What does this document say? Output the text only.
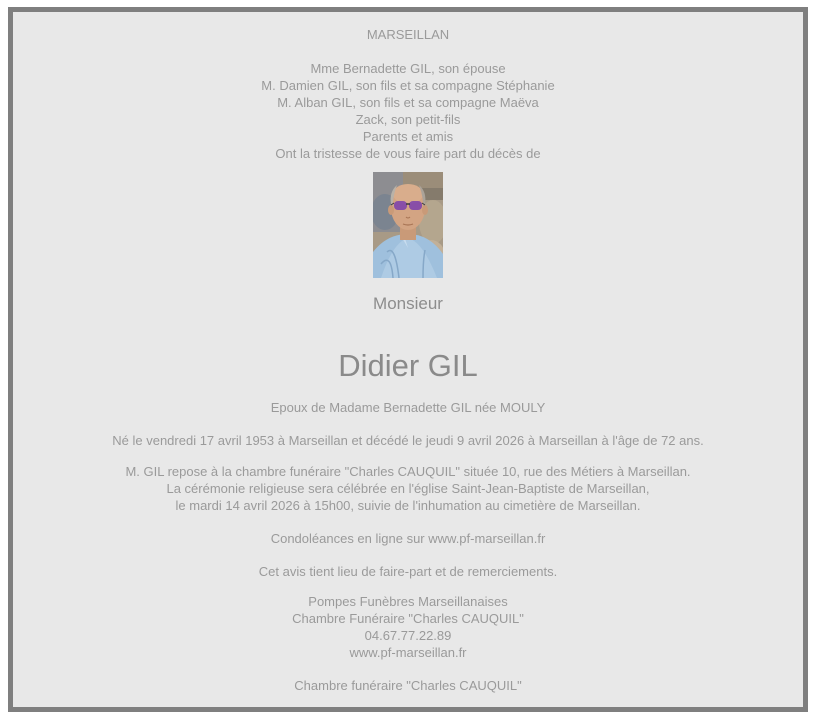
MARSEILLAN
Mme Bernadette GIL, son épouse
M. Damien GIL, son fils et sa compagne Stéphanie
M. Alban GIL, son fils et sa compagne Maëva
Zack, son petit-fils
Parents et amis
Ont la tristesse de vous faire part du décès de
Monsieur
Didier GIL
Epoux de Madame Bernadette GIL née MOULY
Né le vendredi 17 avril 1953 à Marseillan et décédé le jeudi 9 avril 2026 à Marseillan à l'âge de 72 ans.
M. GIL repose à la chambre funéraire "Charles CAUQUIL" située 10, rue des Métiers à Marseillan.
La cérémonie religieuse sera célébrée en l'église Saint-Jean-Baptiste de Marseillan,
le mardi 14 avril 2026 à 15h00, suivie de l'inhumation au cimetière de Marseillan.
Condoléances en ligne sur www.pf-marseillan.fr
Cet avis tient lieu de faire-part et de remerciements.
Pompes Funèbres Marseillanaises
Chambre Funéraire "Charles CAUQUIL"
04.67.77.22.89
www.pf-marseillan.fr
Chambre funéraire "Charles CAUQUIL"
